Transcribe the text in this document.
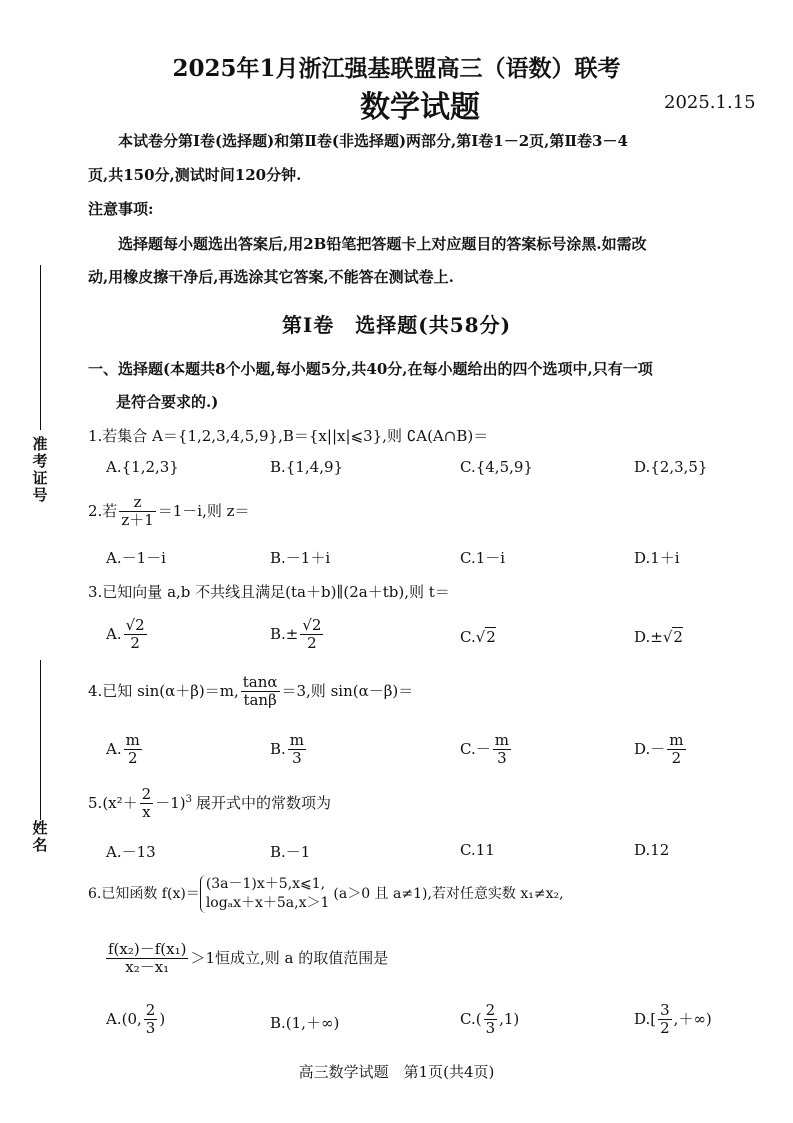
2025年1月浙江强基联盟高三（语数）联考
数学试题	2025.1.15
本试卷分第Ⅰ卷(选择题)和第Ⅱ卷(非选择题)两部分,第Ⅰ卷1－2页,第Ⅱ卷3－4
页,共150分,测试时间120分钟.
注意事项:
选择题每小题选出答案后,用2B铅笔把答题卡上对应题目的答案标号涂黑.如需改
动,用橡皮擦干净后,再选涂其它答案,不能答在测试卷上.
第Ⅰ卷　选择题(共58分)
一、选择题(本题共8个小题,每小题5分,共40分,在每小题给出的四个选项中,只有一项
是符合要求的.)
准考证号
姓名
1.若集合 A＝{1,2,3,4,5,9},B＝{x||x|⩽3},则 ∁A(A∩B)＝
A.{1,2,3}	B.{1,4,9}	C.{4,5,9}	D.{2,3,5}
2.若 $\frac{z}{z+1} =1-i$,则 z＝
A.－1－i	B.－1＋i	C.1－i	D.1＋i
3.已知向量 a,b 不共线且满足(ta＋b)∥(2a＋tb),则 t＝
A. $\frac{√2}{2}$	$B.\pm \frac{√2}{2}$	C.√2	D.±√2
4.已知 sin(α＋β)＝m, $\frac{\tan\alpha}{\tan\beta} =3$,则 sin(α－β)＝
A. $\frac{m}{2}$	B. $\frac{m}{3}$	$C.- \frac{m}{3}$	$D.- \frac{m}{2}$
$5.(x^2+ \frac{2}{x} -1)^3$ 展开式中的常数项为
A.－13	B.－1	C.11	D.12
6.已知函数 f(x)＝
(3a－1)x＋5,x⩽1,
logₐx＋x＋5a,x＞1
(a＞0 且 a≠1),若对任意实数 x₁≠x₂,
$\frac{\text{f(x₂)－f(x₁)}}{\text{x₂－x₁}} >1$恒成立,则 a 的取值范围是
A.(0, $\frac{2}{3}$ )	B.(1,＋∞)	$C.( \frac{2}{3} ,1)$	$D.[ \frac{3}{2}$ ,＋∞)
高三数学试题　第1页(共4页)
